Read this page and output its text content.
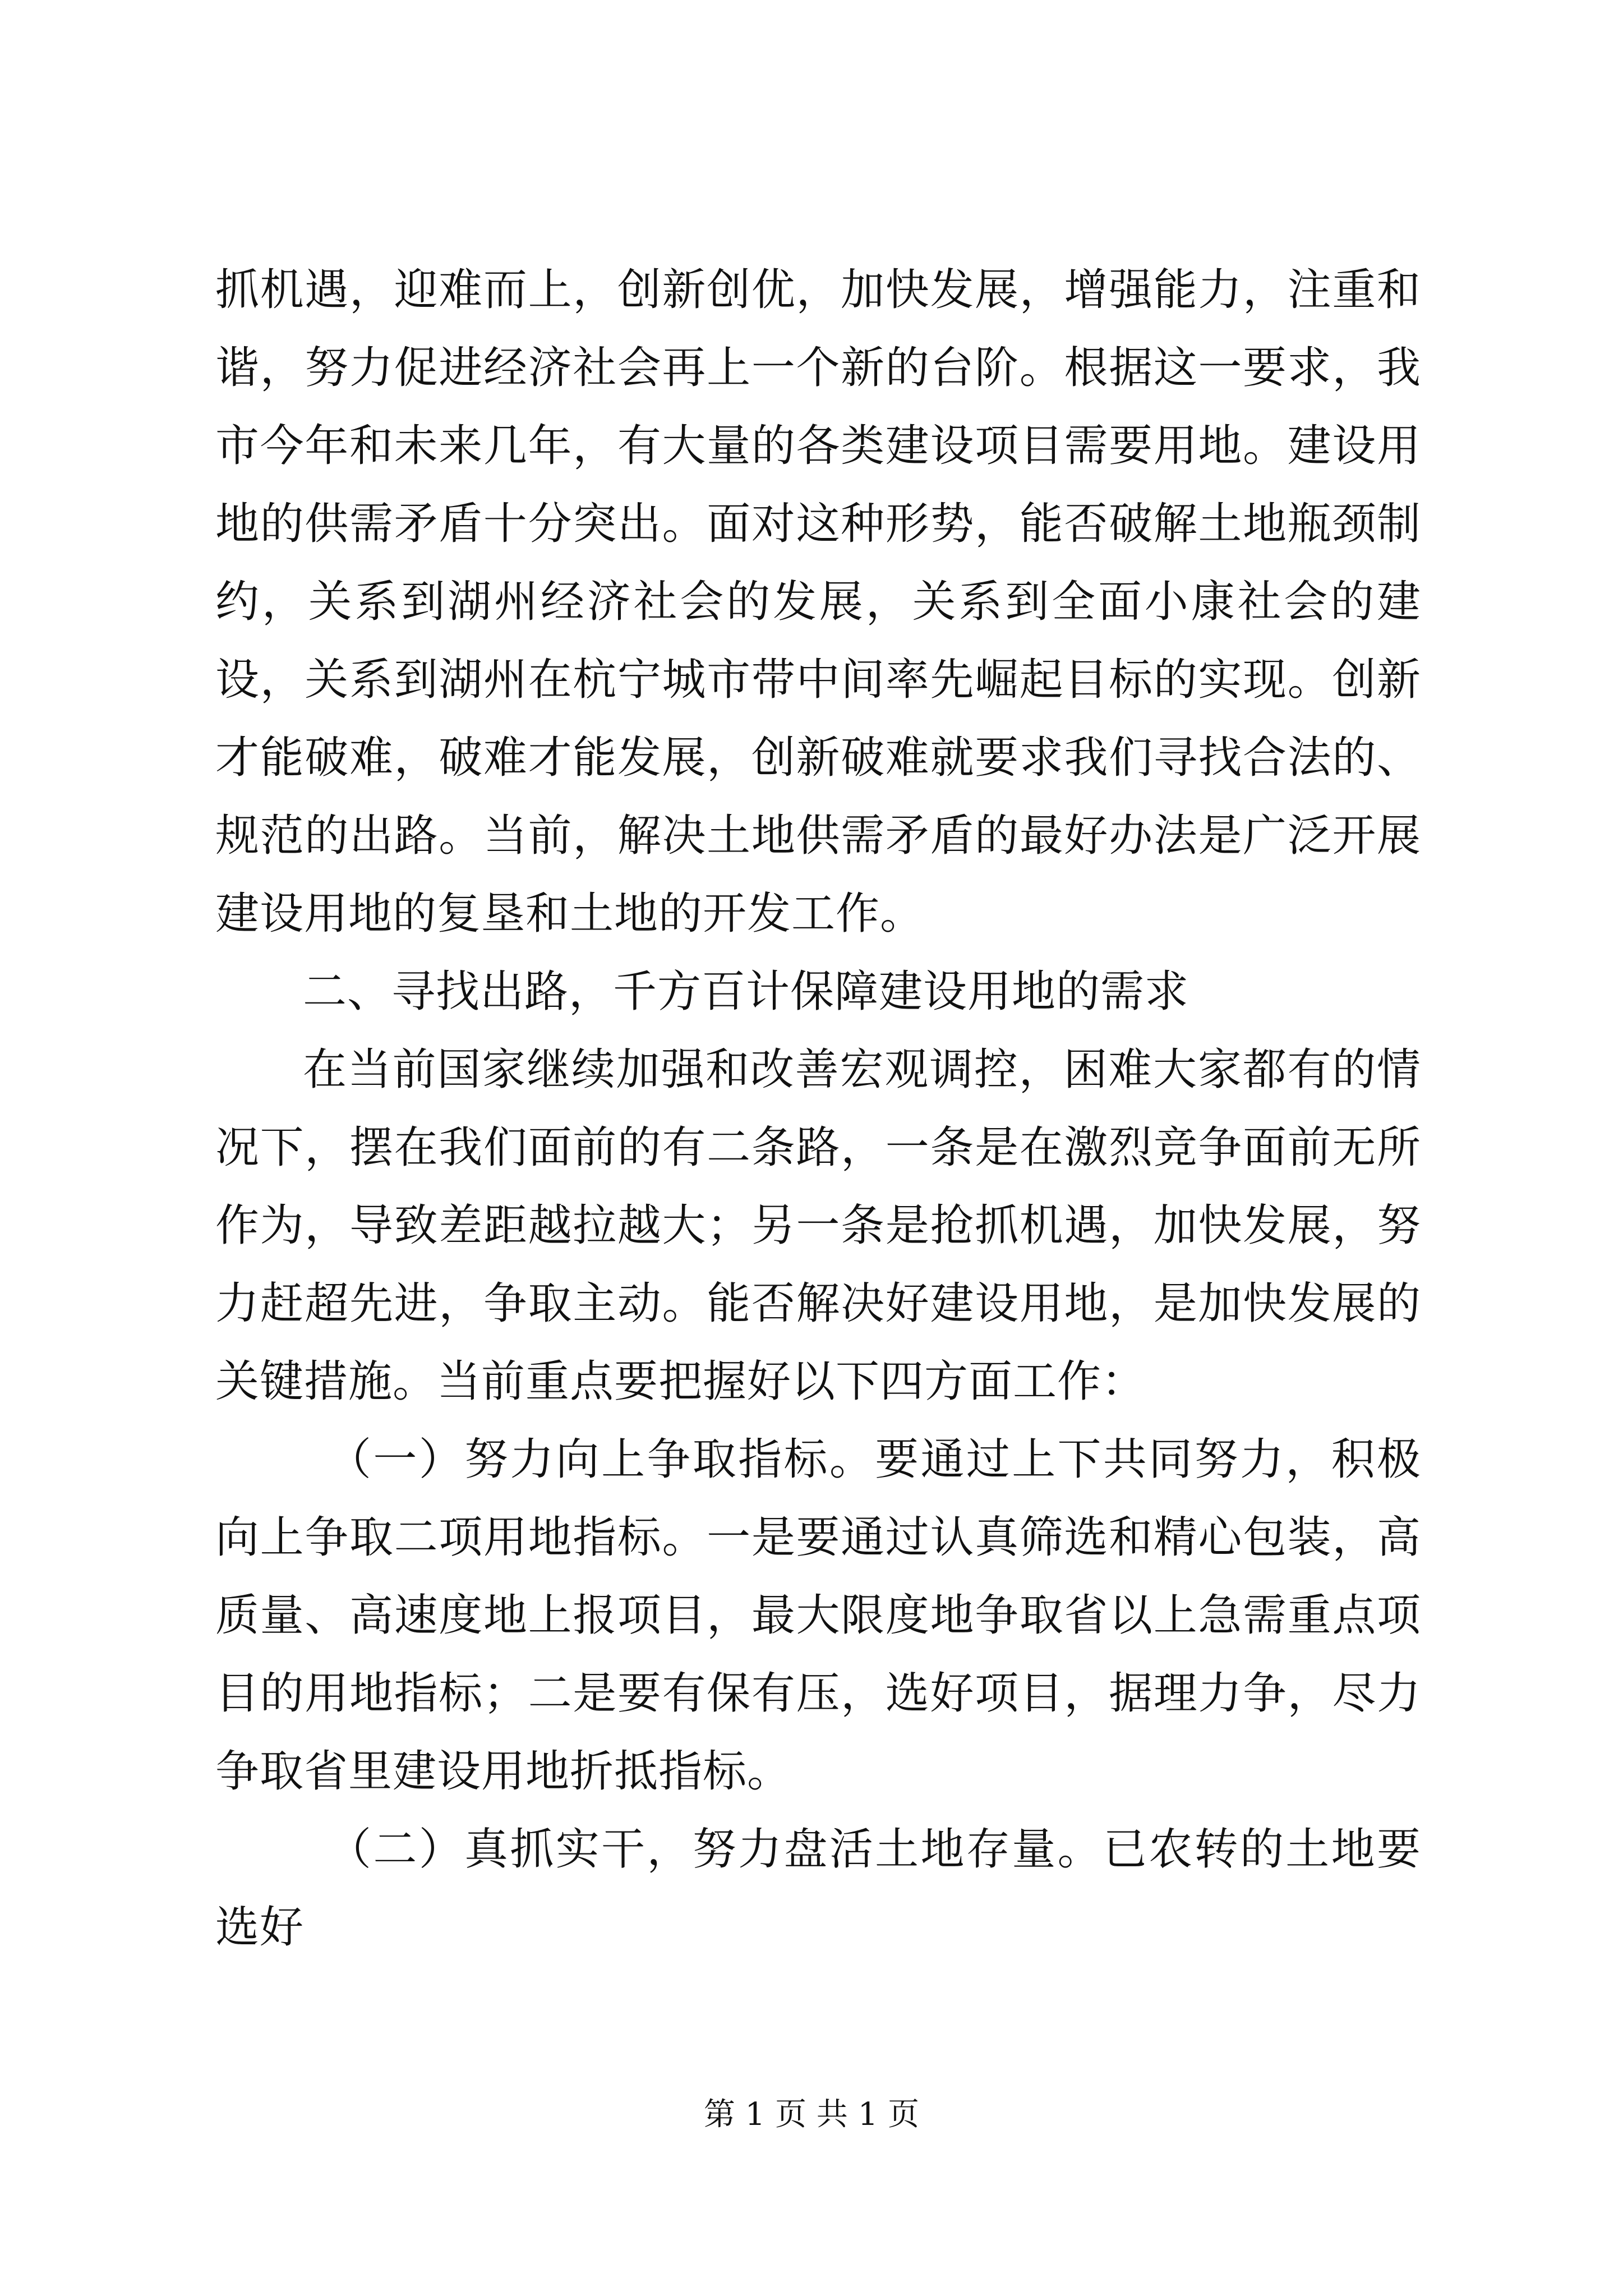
抓机遇，迎难而上，创新创优，加快发展，增强能力，注重和谐，努力促进经济社会再上一个新的台阶。根据这一要求，我市今年和未来几年，有大量的各类建设项目需要用地。建设用地的供需矛盾十分突出。面对这种形势，能否破解土地瓶颈制约，关系到湖州经济社会的发展，关系到全面小康社会的建设，关系到湖州在杭宁城市带中间率先崛起目标的实现。创新才能破难，破难才能发展，创新破难就要求我们寻找合法的、规范的出路。当前，解决土地供需矛盾的最好办法是广泛开展建设用地的复垦和土地的开发工作。

二、寻找出路，千方百计保障建设用地的需求

在当前国家继续加强和改善宏观调控，困难大家都有的情况下，摆在我们面前的有二条路，一条是在激烈竞争面前无所作为，导致差距越拉越大；另一条是抢抓机遇，加快发展，努力赶超先进，争取主动。能否解决好建设用地，是加快发展的关键措施。当前重点要把握好以下四方面工作：

（一）努力向上争取指标。要通过上下共同努力，积极向上争取二项用地指标。一是要通过认真筛选和精心包装，高质量、高速度地上报项目，最大限度地争取省以上急需重点项目的用地指标；二是要有保有压，选好项目，据理力争，尽力争取省里建设用地折抵指标。

（二）真抓实干，努力盘活土地存量。已农转的土地要选好

第 1 页 共 1 页
